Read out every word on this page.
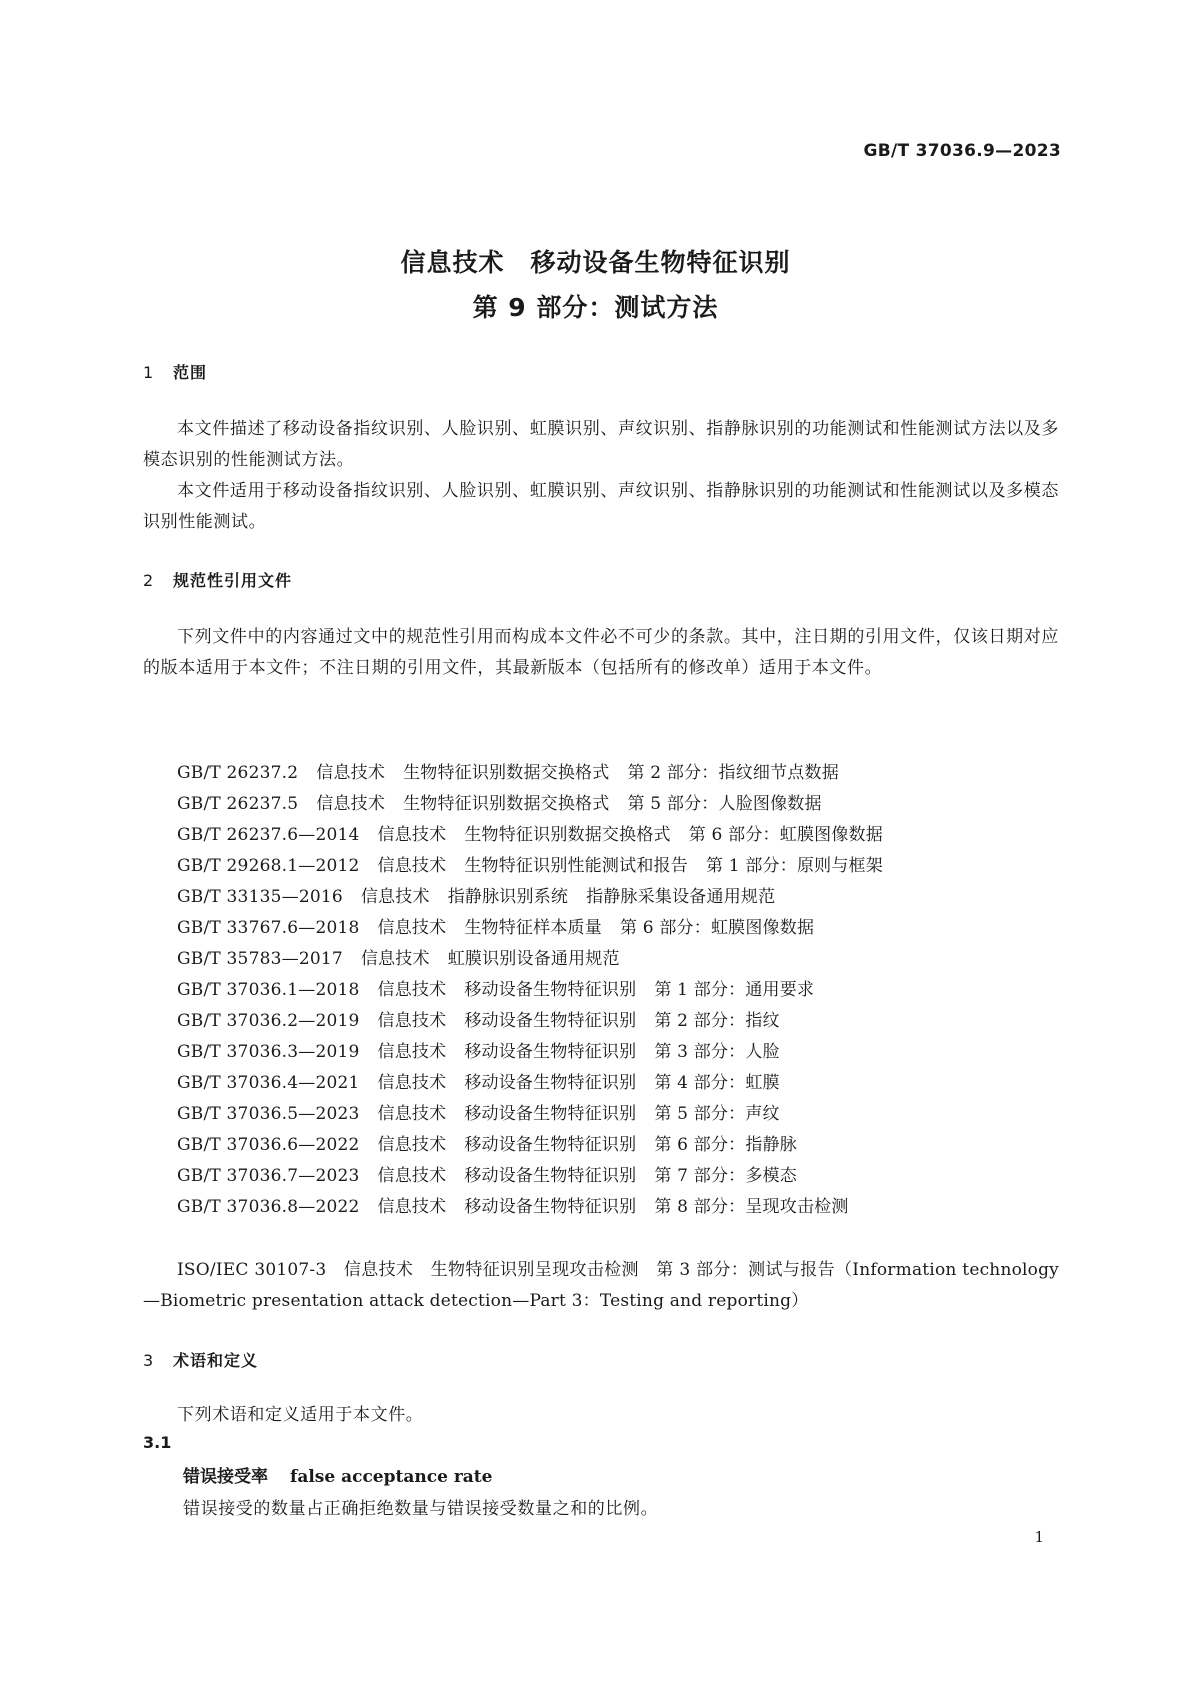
GB/T 37036.9—2023
信息技术　移动设备生物特征识别
第 9 部分：测试方法
1 范围
本文件描述了移动设备指纹识别、人脸识别、虹膜识别、声纹识别、指静脉识别的功能测试和性能测试方法以及多模态识别的性能测试方法。
本文件适用于移动设备指纹识别、人脸识别、虹膜识别、声纹识别、指静脉识别的功能测试和性能测试以及多模态识别性能测试。
2 规范性引用文件
下列文件中的内容通过文中的规范性引用而构成本文件必不可少的条款。其中，注日期的引用文件，仅该日期对应的版本适用于本文件；不注日期的引用文件，其最新版本（包括所有的修改单）适用于本文件。
GB/T 26237.2 信息技术 生物特征识别数据交换格式 第 2 部分：指纹细节点数据
GB/T 26237.5 信息技术 生物特征识别数据交换格式 第 5 部分：人脸图像数据
GB/T 26237.6—2014 信息技术 生物特征识别数据交换格式 第 6 部分：虹膜图像数据
GB/T 29268.1—2012 信息技术 生物特征识别性能测试和报告 第 1 部分：原则与框架
GB/T 33135—2016 信息技术 指静脉识别系统 指静脉采集设备通用规范
GB/T 33767.6—2018 信息技术 生物特征样本质量 第 6 部分：虹膜图像数据
GB/T 35783—2017 信息技术 虹膜识别设备通用规范
GB/T 37036.1—2018 信息技术 移动设备生物特征识别 第 1 部分：通用要求
GB/T 37036.2—2019 信息技术 移动设备生物特征识别 第 2 部分：指纹
GB/T 37036.3—2019 信息技术 移动设备生物特征识别 第 3 部分：人脸
GB/T 37036.4—2021 信息技术 移动设备生物特征识别 第 4 部分：虹膜
GB/T 37036.5—2023 信息技术 移动设备生物特征识别 第 5 部分：声纹
GB/T 37036.6—2022 信息技术 移动设备生物特征识别 第 6 部分：指静脉
GB/T 37036.7—2023 信息技术 移动设备生物特征识别 第 7 部分：多模态
GB/T 37036.8—2022 信息技术 移动设备生物特征识别 第 8 部分：呈现攻击检测
ISO/IEC 30107-3　信息技术　生物特征识别呈现攻击检测　第 3 部分：测试与报告（Information technology—Biometric presentation attack detection—Part 3：Testing and reporting）
3 术语和定义
下列术语和定义适用于本文件。
3.1
错误接受率 false acceptance rate
错误接受的数量占正确拒绝数量与错误接受数量之和的比例。
1
